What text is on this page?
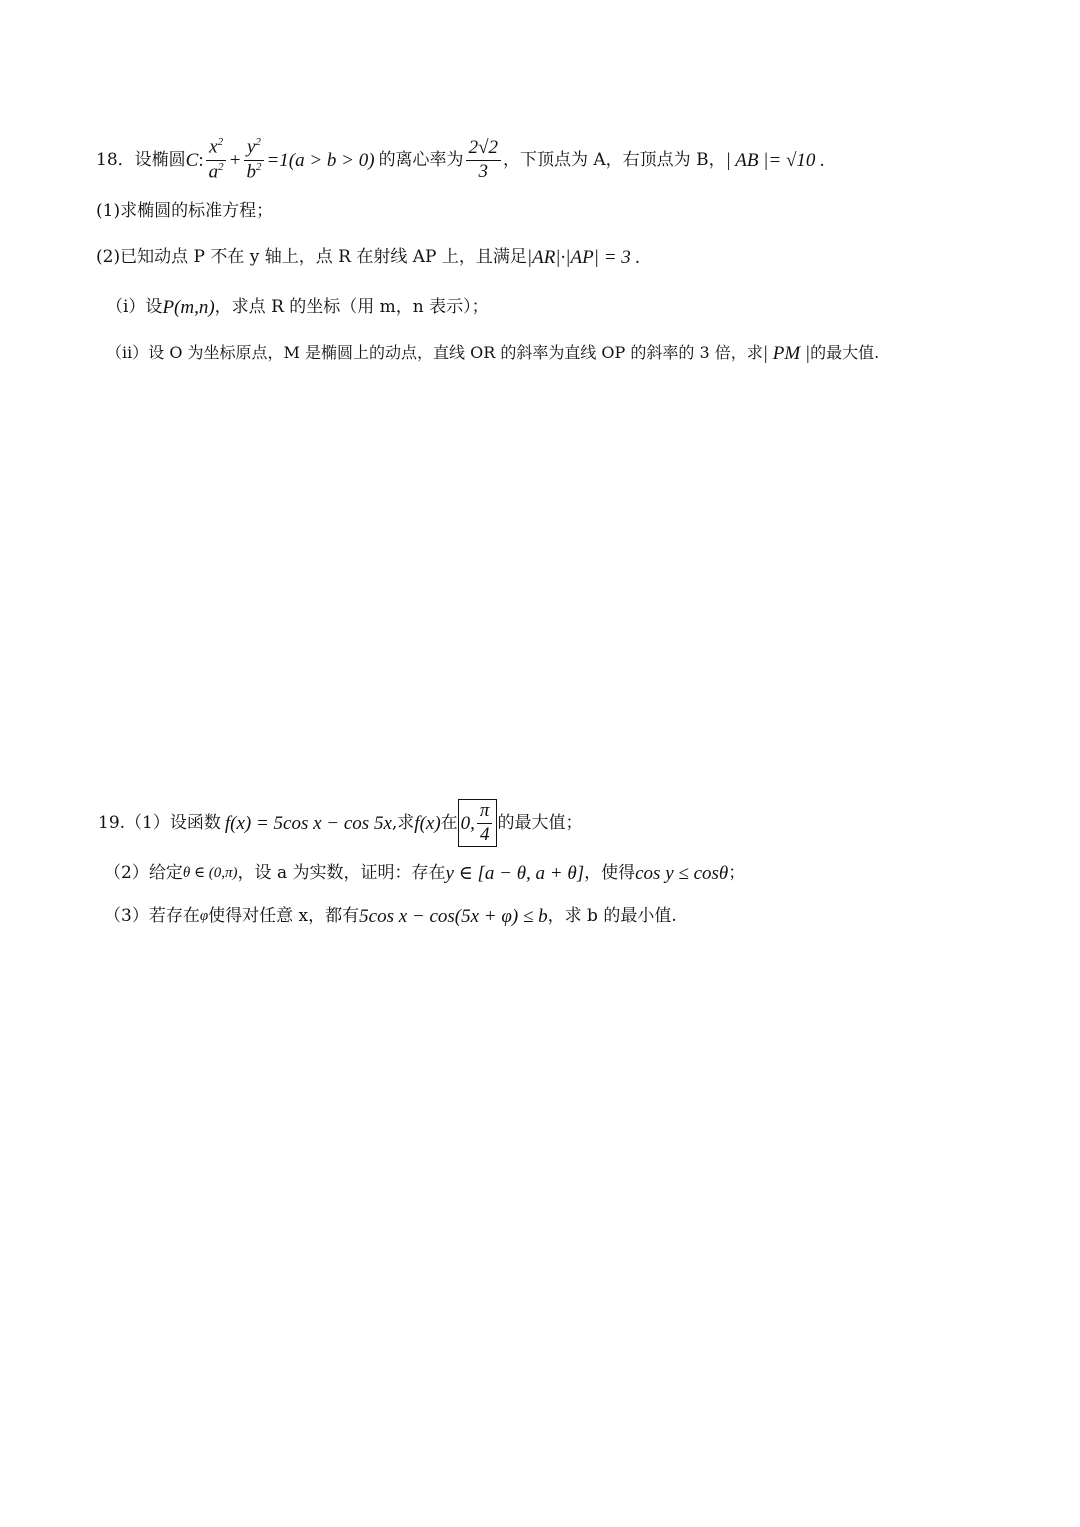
18．设椭圆 C: $\frac{x^2}{a^2} + \frac{y^2}{b^2} =1(a > b > 0)$ 的离心率为 $\frac{2√2}{3}$ ，下顶点为 A，右顶点为 B， | AB |= √10 .
(1)求椭圆的标准方程；
(2)已知动点 P 不在 y 轴上，点 R 在射线 AP 上，且满足 |AR|·|AP| = 3 .
（i）设 P(m,n) ，求点 R 的坐标（用 m，n 表示）；
（ii）设 O 为坐标原点，M 是椭圆上的动点，直线 OR 的斜率为直线 OP 的斜率的 3 倍，求 | PM | 的最大值.
19.（1）设函数 f(x) = 5cos x − cos 5x ,求 f(x) 在 0, $\frac{\pi}{4}$ 的最大值；
（2）给定 θ ∈ (0,π) ，设 a 为实数，证明：存在 y ∈ [a − θ, a + θ] ，使得 cos y ≤ cosθ ；
（3）若存在 φ 使得对任意 x，都有 5cos x − cos(5x + φ) ≤ b ，求 b 的最小值.
